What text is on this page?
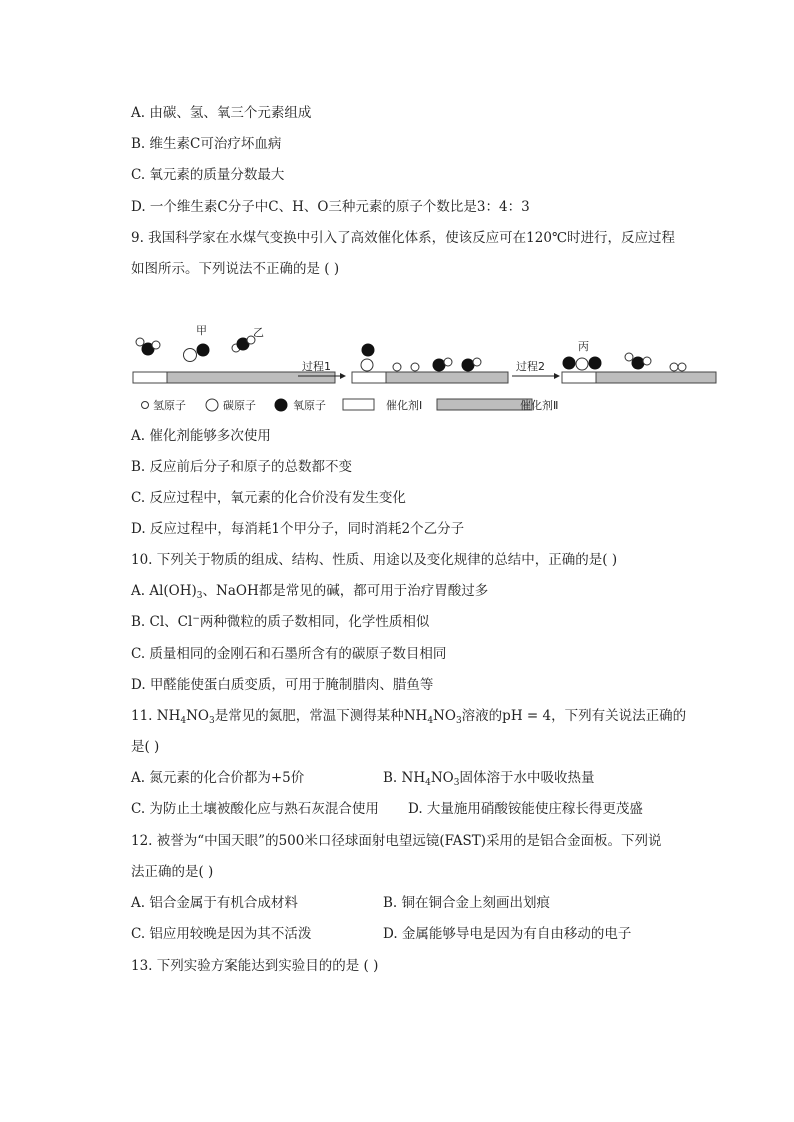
A. 由碳、氢、氧三个元素组成
B. 维生素C可治疗坏血病
C. 氧元素的质量分数最大
D. 一个维生素C分子中C、H、O三种元素的原子个数比是3：4：3
9. 我国科学家在水煤气变换中引入了高效催化体系，使该反应可在120℃时进行，反应过程
如图所示。下列说法不正确的是 ( )
甲	乙
过程1	过程2
丙
氢原子	碳原子	氧原子	催化剂Ⅰ	催化剂Ⅱ
A. 催化剂能够多次使用
B. 反应前后分子和原子的总数都不变
C. 反应过程中，氧元素的化合价没有发生变化
D. 反应过程中，每消耗1个甲分子，同时消耗2个乙分子
10. 下列关于物质的组成、结构、性质、用途以及变化规律的总结中，正确的是( )
A. $Al(OH)_3$、NaOH都是常见的碱，都可用于治疗胃酸过多
B. Cl、Cl−两种微粒的质子数相同，化学性质相似
C. 质量相同的金刚石和石墨所含有的碳原子数目相同
D. 甲醛能使蛋白质变质，可用于腌制腊肉、腊鱼等
11. $NH_4NO_3$是常见的氮肥，常温下测得某种$NH_4NO_3$溶液的pH = 4，下列有关说法正确的
是( )
A. 氮元素的化合价都为+5价	B. $NH_4NO_3$固体溶于水中吸收热量
C. 为防止土壤被酸化应与熟石灰混合使用 D. 大量施用硝酸铵能使庄稼长得更茂盛
12. 被誉为“中国天眼”的500米口径球面射电望远镜(FAST)采用的是铝合金面板。下列说
法正确的是( )
A. 铝合金属于有机合成材料	B. 铜在铜合金上刻画出划痕
C. 铝应用较晚是因为其不活泼	D. 金属能够导电是因为有自由移动的电子
13. 下列实验方案能达到实验目的的是 ( )
